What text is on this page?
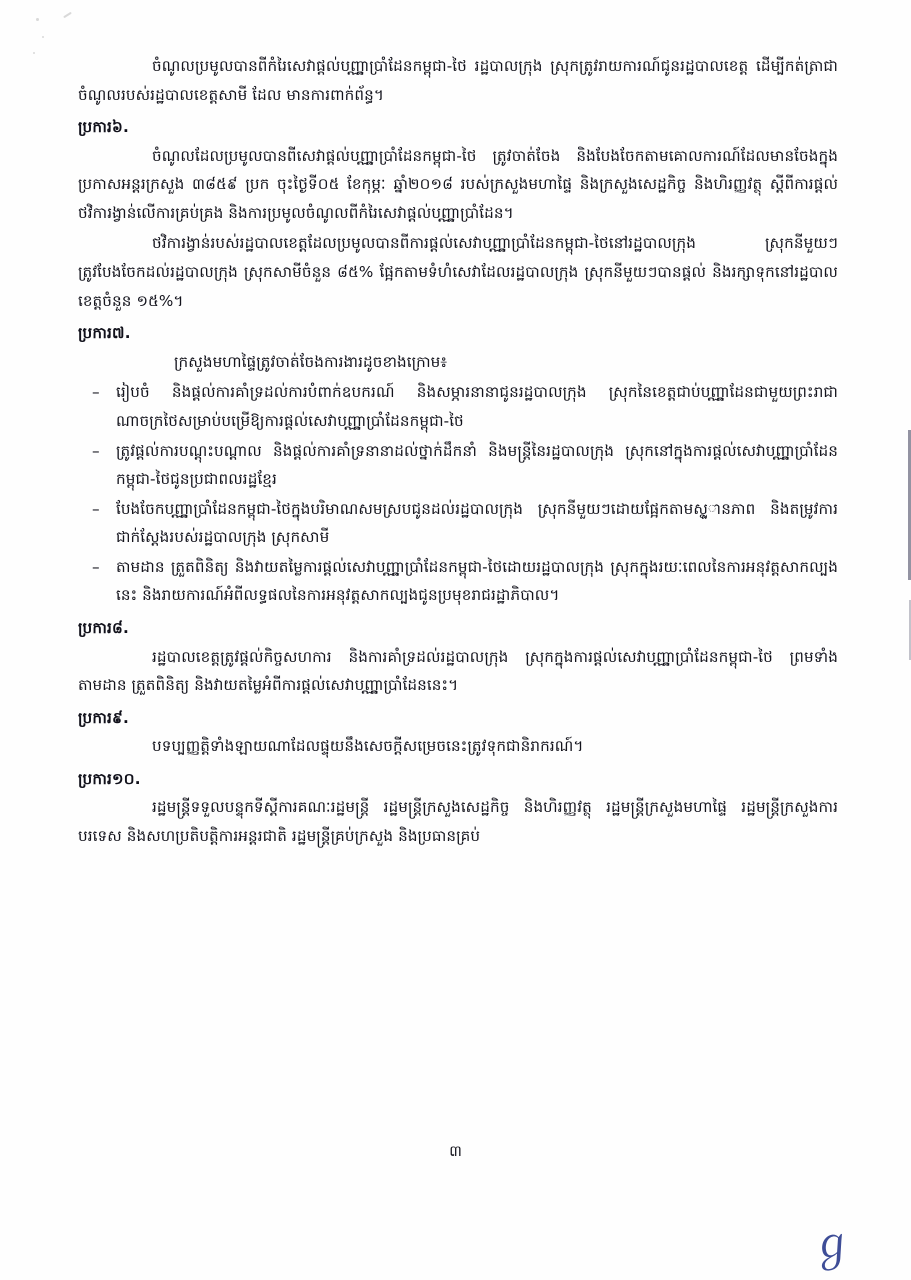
ចំណូលប្រមូលបានពីកំរៃសេវាផ្តល់បញ្ណ្ជាប្រាំដែនកម្ពុជា-ថៃ រដ្ឋបាលក្រុង ស្រុកត្រូវរាយការណ៍ជូនរដ្ឋបាលខេត្ត ដើម្បីកត់ត្រាជាចំណូលរបស់រដ្ឋបាលខេត្តសាមី ដែល មានការពាក់ព័ន្ធ។

ប្រការ៦.

ចំណូលដែលប្រមូលបានពីសេវាផ្តល់បញ្ណ្ជាប្រាំដែនកម្ពុជា-ថៃ ត្រូវចាត់ចែង និងបែងចែកតាមគោលការណ៍ដែលមានចែងក្នុងប្រកាសអន្តរក្រសួង ៣៨៥៩ ប្រក ចុះថ្ងៃទី០៥ ខែកុម្ភៈ ឆ្នាំ២០១៨ របស់ក្រសួងមហាផ្ទៃ និងក្រសួងសេដ្ឋកិច្ច និងហិរញ្ញវត្ថុ ស្តីពីការផ្តល់ថវិការង្វាន់លើការគ្រប់គ្រង និងការប្រមូលចំណូលពីកំរៃសេវាផ្តល់បញ្ណ្ជាប្រាំដែន។

ថវិការង្វាន់របស់រដ្ឋបាលខេត្តដែលប្រមូលបានពីការផ្តល់សេវាបញ្ណ្ជាប្រាំដែនកម្ពុជា-ថៃនៅរដ្ឋបាលក្រុង ស្រុកនីមួយៗ ត្រូវបែងចែកដល់រដ្ឋបាលក្រុង ស្រុកសាមីចំនួន ៨៥% ផ្អែកតាមទំហំសេវាដែលរដ្ឋបាលក្រុង ស្រុកនីមួយៗបានផ្តល់ និងរក្សាទុកនៅរដ្ឋបាលខេត្តចំនួន ១៥%។

ប្រការ៧.

ក្រសួងមហាផ្ទៃត្រូវចាត់ចែងការងារដូចខាងក្រោម៖

– រៀបចំ និងផ្តល់ការគាំទ្រដល់ការបំពាក់ឧបករណ៍ និងសម្ភារនានាជូនរដ្ឋបាលក្រុង ស្រុកនៃខេត្តជាប់បញ្ណ្ជាដែនជាមួយព្រះរាជាណាចក្រថៃសម្រាប់បម្រើឱ្យការផ្តល់សេវាបញ្ណ្ជាប្រាំដែនកម្ពុជា-ថៃ
– ត្រូវផ្តល់ការបណ្តុះបណ្តាល និងផ្តល់ការគាំទ្រនានាដល់ថ្នាក់ដឹកនាំ និងមន្ត្រីនៃរដ្ឋបាលក្រុង ស្រុកនៅក្នុងការផ្តល់សេវាបញ្ណ្ជាប្រាំដែនកម្ពុជា-ថៃជូនប្រជាពលរដ្ឋខ្មែរ
– បែងចែកបញ្ណ្ជាប្រាំដែនកម្ពុជា-ថៃក្នុងបរិមាណសមស្របជូនដល់រដ្ឋបាលក្រុង ស្រុកនីមួយៗដោយផ្អែកតាមសួ្ថានភាព និងតម្រូវការជាក់ស្តែងរបស់រដ្ឋបាលក្រុង ស្រុកសាមី
– តាមដាន ត្រួតពិនិត្យ និងវាយតម្លៃការផ្តល់សេវាបញ្ណ្ជាប្រាំដែនកម្ពុជា-ថៃដោយរដ្ឋបាលក្រុង ស្រុកក្នុងរយៈពេលនៃការអនុវត្តសាកល្បងនេះ និងរាយការណ៍អំពីលទ្ធផលនៃការអនុវត្តសាកល្បងជូនប្រមុខរាជរដ្ឋាភិបាល។

ប្រការ៨.

រដ្ឋបាលខេត្តត្រូវផ្តល់កិច្ចសហការ និងការគាំទ្រដល់រដ្ឋបាលក្រុង ស្រុកក្នុងការផ្តល់សេវាបញ្ណ្ជាប្រាំដែនកម្ពុជា-ថៃ ព្រមទាំងតាមដាន ត្រួតពិនិត្យ និងវាយតម្លៃអំពីការផ្តល់សេវាបញ្ណ្ជាប្រាំដែននេះ។

ប្រការ៩.

បទប្បញ្ញត្តិទាំងឡាយណាដែលផ្ទុយនឹងសេចក្តីសម្រេចនេះត្រូវទុកជានិរាករណ៍។

ប្រការ១០.

រដ្ឋមន្ត្រីទទួលបន្ទុកទីស្តីការគណៈរដ្ឋមន្ត្រី រដ្ឋមន្ត្រីក្រសួងសេដ្ឋកិច្ច និងហិរញ្ញវត្ថុ រដ្ឋមន្ត្រីក្រសួងមហាផ្ទៃ រដ្ឋមន្ត្រីក្រសួងការបរទេស និងសហប្រតិបត្តិការអន្តរជាតិ រដ្ឋមន្ត្រីគ្រប់ក្រសួង និងប្រធានគ្រប់

៣
ℊ
